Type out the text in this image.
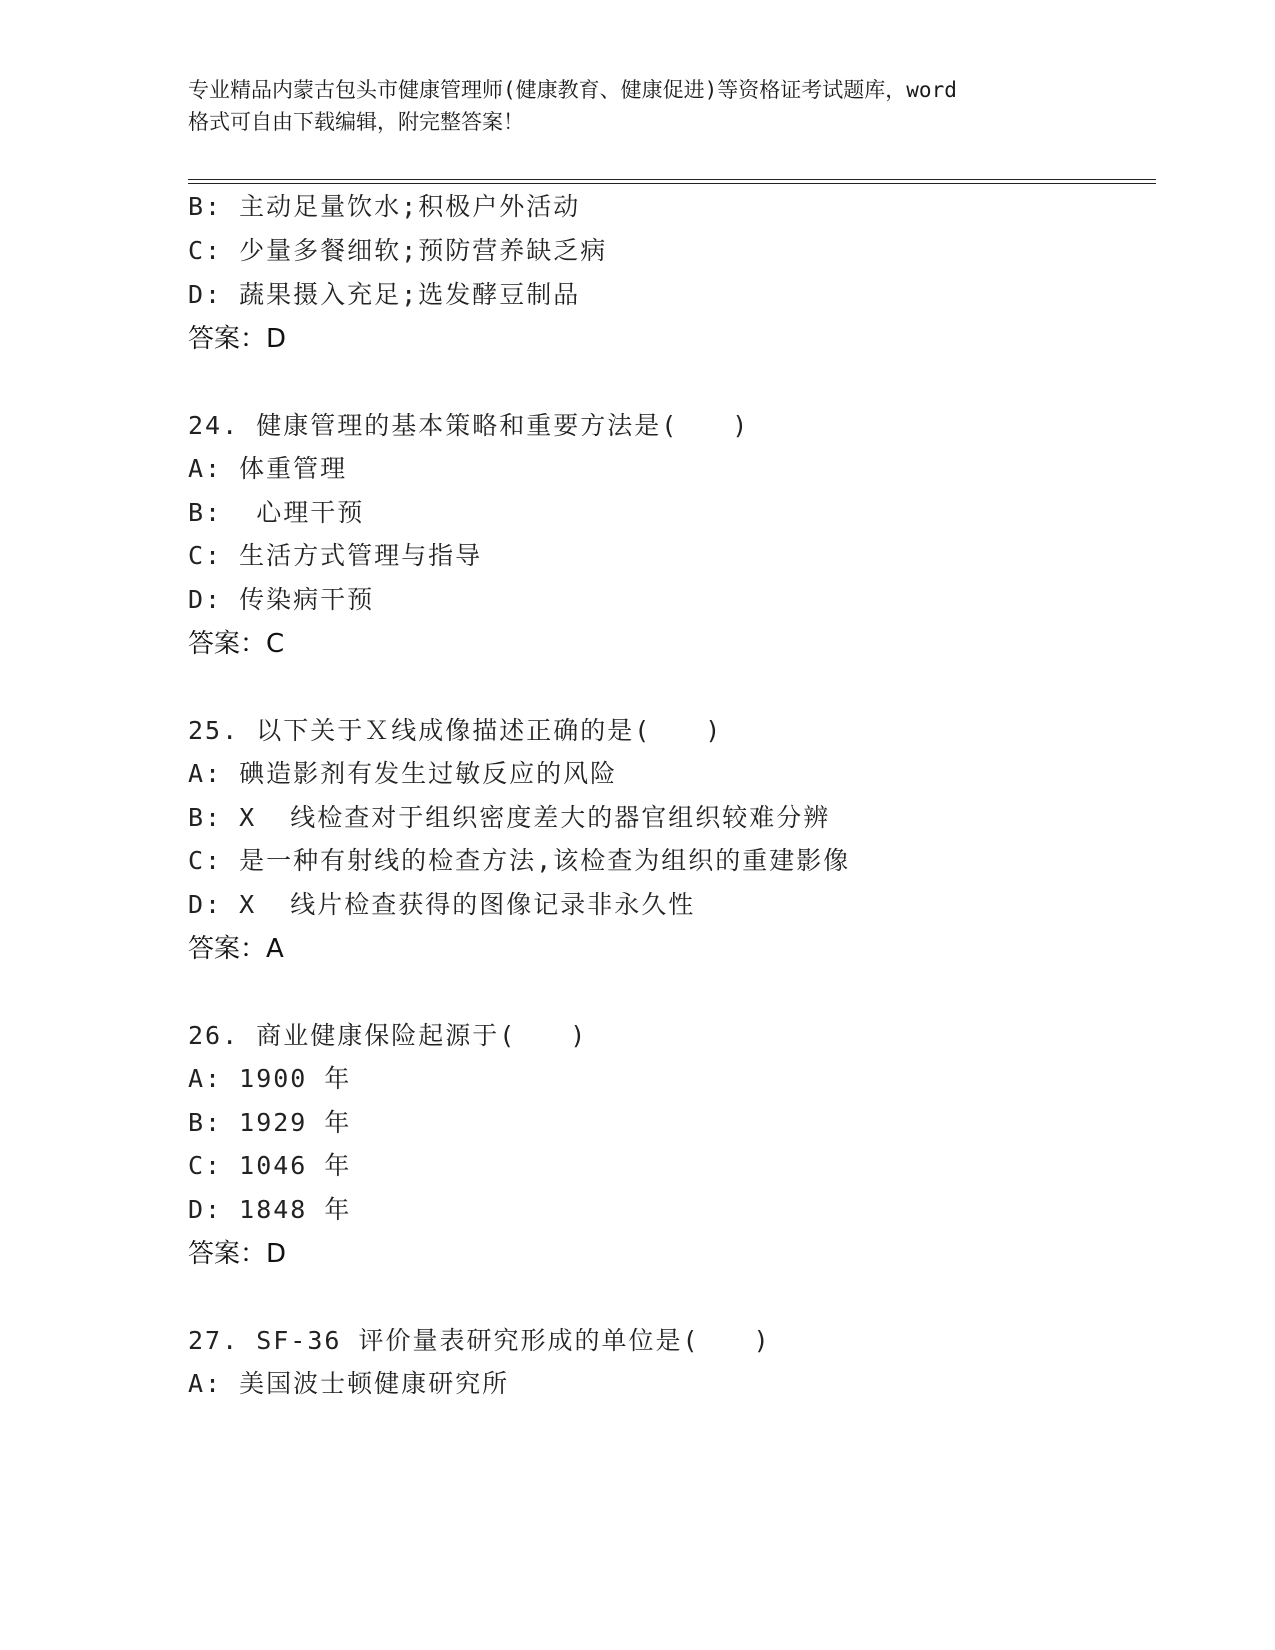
专业精品内蒙古包头市健康管理师(健康教育、健康促进)等资格证考试题库，word
格式可自由下载编辑，附完整答案！
B: 主动足量饮水;积极户外活动
C: 少量多餐细软;预防营养缺乏病
D: 蔬果摄入充足;选发酵豆制品
答案：D
24. 健康管理的基本策略和重要方法是(　　)
A: 体重管理
B:  心理干预
C: 生活方式管理与指导
D: 传染病干预
答案：C
25. 以下关于Ｘ线成像描述正确的是(　　)
A: 碘造影剂有发生过敏反应的风险
B: X  线检查对于组织密度差大的器官组织较难分辨
C: 是一种有射线的检查方法,该检查为组织的重建影像
D: X  线片检查获得的图像记录非永久性
答案：A
26. 商业健康保险起源于(　　)
A: 1900 年
B: 1929 年
C: 1046 年
D: 1848 年
答案：D
27. SF-36 评价量表研究形成的单位是(　　)
A: 美国波士顿健康研究所
